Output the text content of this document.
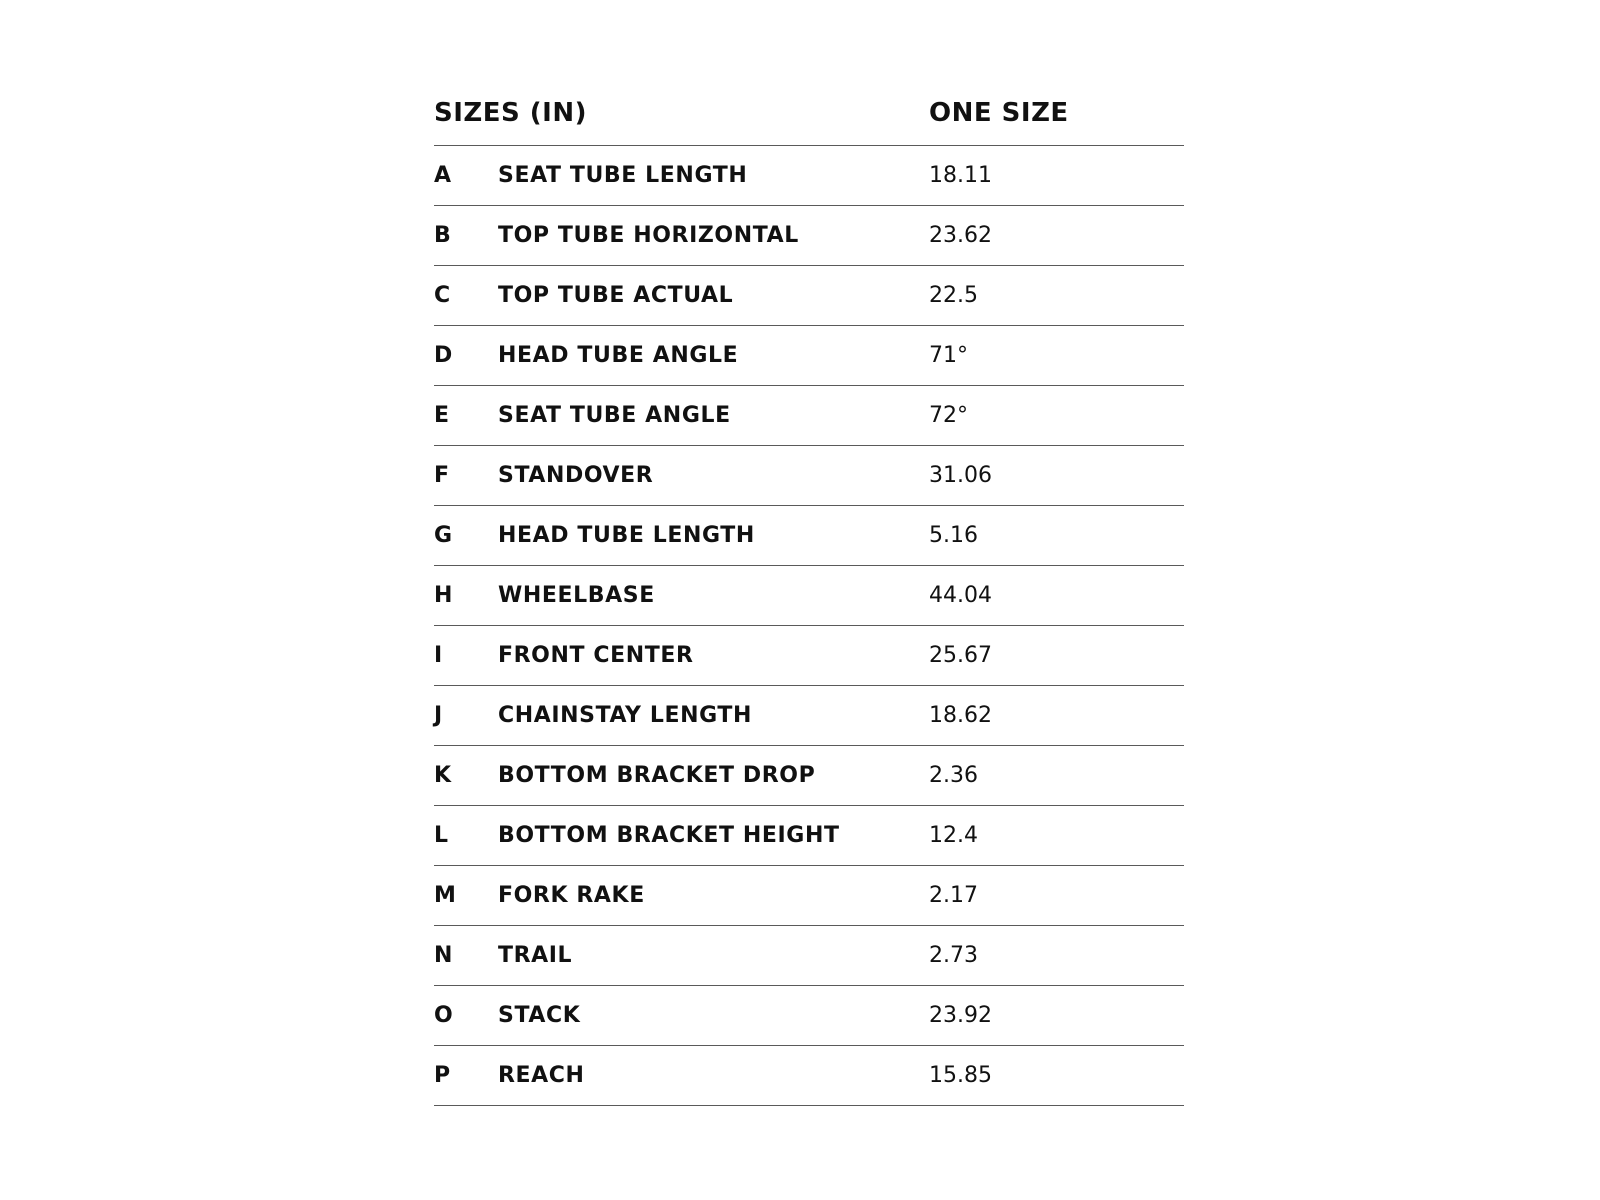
SIZES (IN)	ONE SIZE
A SEAT TUBE LENGTH	18.11
B TOP TUBE HORIZONTAL	23.62
C TOP TUBE ACTUAL	22.5
D HEAD TUBE ANGLE	71°
E SEAT TUBE ANGLE	72°
F STANDOVER	31.06
G HEAD TUBE LENGTH	5.16
H WHEELBASE	44.04
I	FRONT CENTER	25.67
J	CHAINSTAY LENGTH	18.62
K BOTTOM BRACKET DROP	2.36
L BOTTOM BRACKET HEIGHT	12.4
M FORK RAKE	2.17
N TRAIL	2.73
O STACK	23.92
P REACH	15.85
